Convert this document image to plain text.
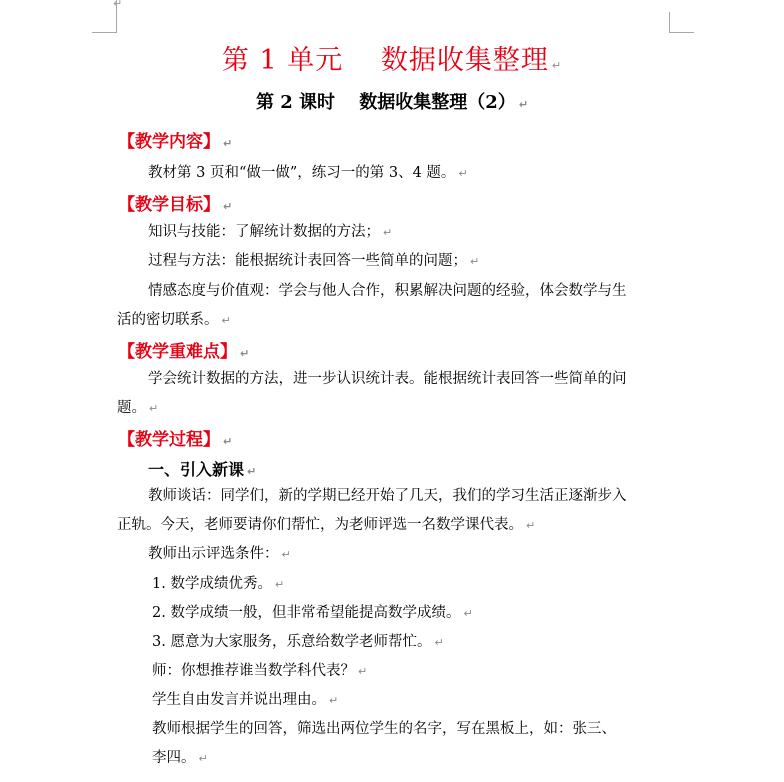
↵
第 1 单元　 数据收集整理 ↵
第 2 课时　 数据收集整理（2） ↵
【教学内容】 ↵
教材第 3 页和“做一做”，练习一的第 3、4 题。 ↵
【教学目标】 ↵
知识与技能：了解统计数据的方法； ↵
过程与方法：能根据统计表回答一些简单的问题； ↵
情感态度与价值观：学会与他人合作，积累解决问题的经验，体会数学与生
活的密切联系。 ↵
【教学重难点】 ↵
学会统计数据的方法，进一步认识统计表。能根据统计表回答一些简单的问
题。 ↵
【教学过程】 ↵
一、引入新课 ↵
教师谈话：同学们，新的学期已经开始了几天，我们的学习生活正逐渐步入
正轨。今天，老师要请你们帮忙，为老师评选一名数学课代表。 ↵
教师出示评选条件： ↵
1. 数学成绩优秀。 ↵
2. 数学成绩一般，但非常希望能提高数学成绩。 ↵
3. 愿意为大家服务，乐意给数学老师帮忙。 ↵
师：你想推荐谁当数学科代表？ ↵
学生自由发言并说出理由。 ↵
教师根据学生的回答，筛选出两位学生的名字，写在黑板上，如：张三、
李四。 ↵
